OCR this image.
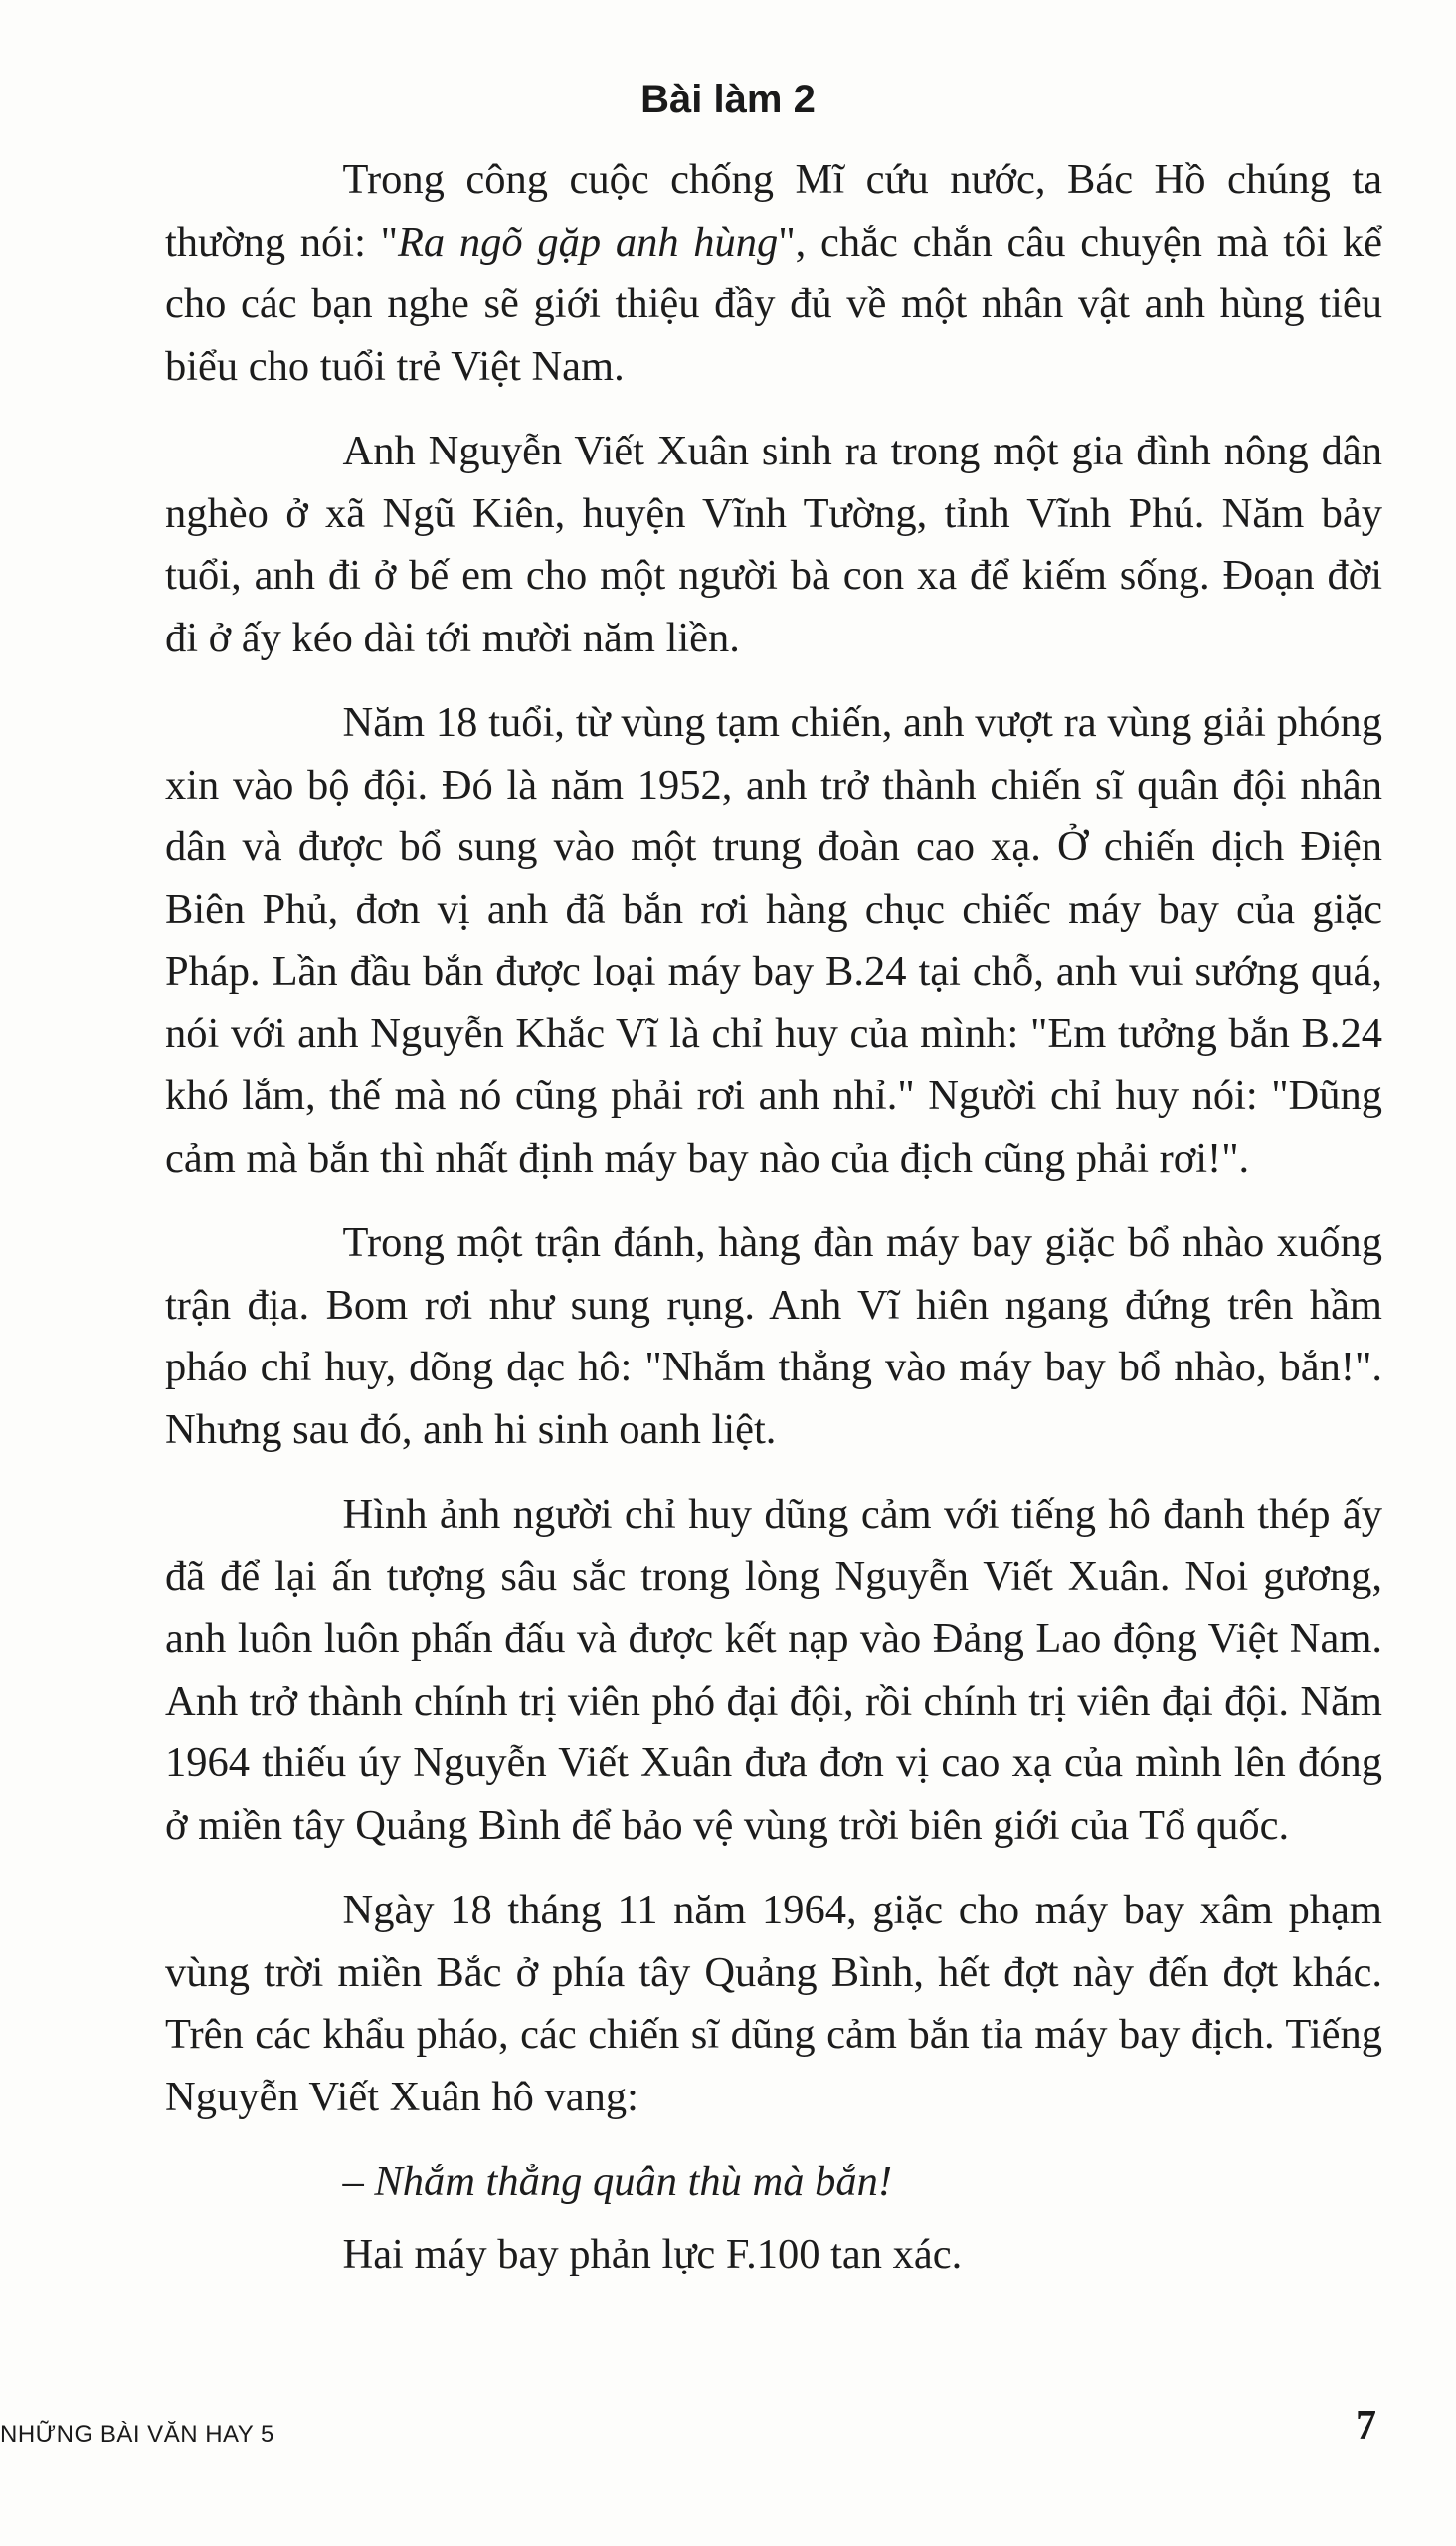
Bài làm 2

Trong công cuộc chống Mĩ cứu nước, Bác Hồ chúng ta thường nói: "Ra ngõ gặp anh hùng", chắc chắn câu chuyện mà tôi kể cho các bạn nghe sẽ giới thiệu đầy đủ về một nhân vật anh hùng tiêu biểu cho tuổi trẻ Việt Nam.

Anh Nguyễn Viết Xuân sinh ra trong một gia đình nông dân nghèo ở xã Ngũ Kiên, huyện Vĩnh Tường, tỉnh Vĩnh Phú. Năm bảy tuổi, anh đi ở bế em cho một người bà con xa để kiếm sống. Đoạn đời đi ở ấy kéo dài tới mười năm liền.

Năm 18 tuổi, từ vùng tạm chiến, anh vượt ra vùng giải phóng xin vào bộ đội. Đó là năm 1952, anh trở thành chiến sĩ quân đội nhân dân và được bổ sung vào một trung đoàn cao xạ. Ở chiến dịch Điện Biên Phủ, đơn vị anh đã bắn rơi hàng chục chiếc máy bay của giặc Pháp. Lần đầu bắn được loại máy bay B.24 tại chỗ, anh vui sướng quá, nói với anh Nguyễn Khắc Vĩ là chỉ huy của mình: "Em tưởng bắn B.24 khó lắm, thế mà nó cũng phải rơi anh nhỉ." Người chỉ huy nói: "Dũng cảm mà bắn thì nhất định máy bay nào của địch cũng phải rơi!".

Trong một trận đánh, hàng đàn máy bay giặc bổ nhào xuống trận địa. Bom rơi như sung rụng. Anh Vĩ hiên ngang đứng trên hầm pháo chỉ huy, dõng dạc hô: "Nhắm thẳng vào máy bay bổ nhào, bắn!". Nhưng sau đó, anh hi sinh oanh liệt.

Hình ảnh người chỉ huy dũng cảm với tiếng hô đanh thép ấy đã để lại ấn tượng sâu sắc trong lòng Nguyễn Viết Xuân. Noi gương, anh luôn luôn phấn đấu và được kết nạp vào Đảng Lao động Việt Nam. Anh trở thành chính trị viên phó đại đội, rồi chính trị viên đại đội. Năm 1964 thiếu úy Nguyễn Viết Xuân đưa đơn vị cao xạ của mình lên đóng ở miền tây Quảng Bình để bảo vệ vùng trời biên giới của Tổ quốc.

Ngày 18 tháng 11 năm 1964, giặc cho máy bay xâm phạm vùng trời miền Bắc ở phía tây Quảng Bình, hết đợt này đến đợt khác. Trên các khẩu pháo, các chiến sĩ dũng cảm bắn tỉa máy bay địch. Tiếng Nguyễn Viết Xuân hô vang:

– Nhắm thẳng quân thù mà bắn!

Hai máy bay phản lực F.100 tan xác.

NHỮNG BÀI VĂN HAY 5	7
